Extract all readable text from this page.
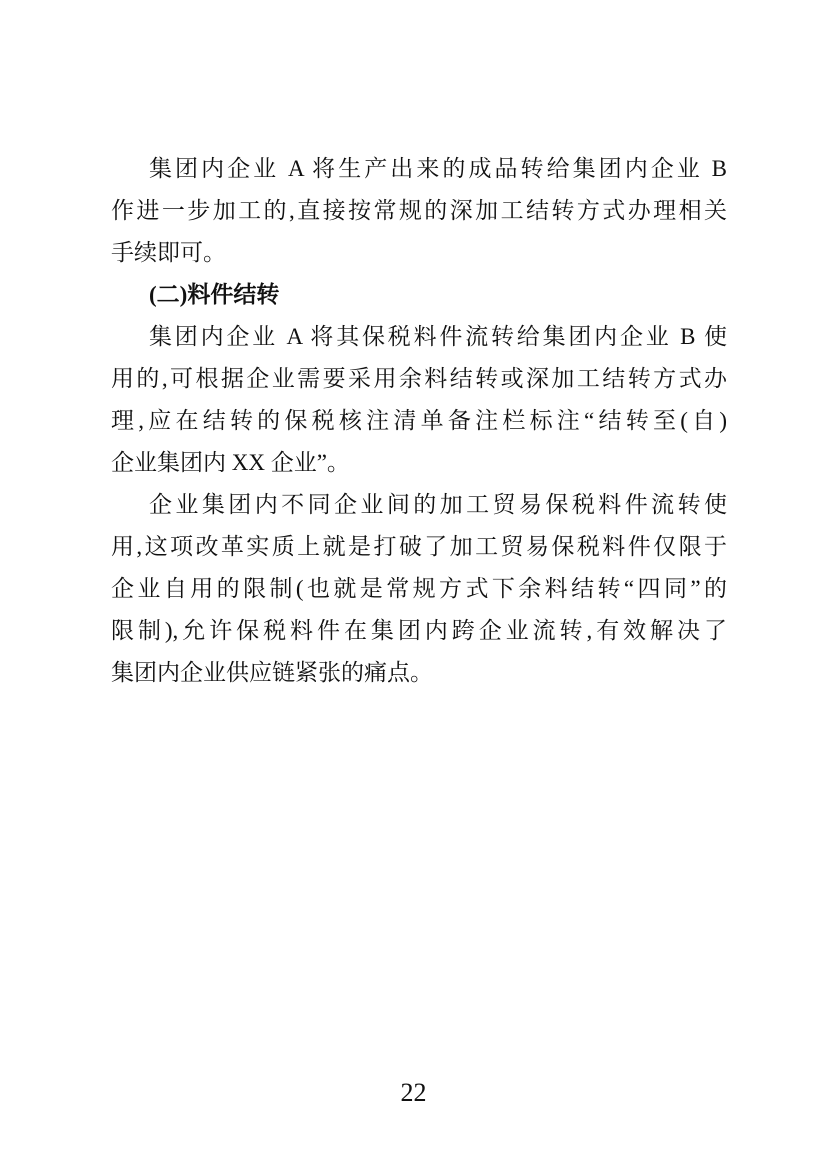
集团内企业 A 将生产出来的成品转给集团内企业 B
作进一步加工的,直接按常规的深加工结转方式办理相关
手续即可。
(二)料件结转
集团内企业 A 将其保税料件流转给集团内企业 B 使
用的,可根据企业需要采用余料结转或深加工结转方式办
理,应在结转的保税核注清单备注栏标注“结转至(自)
企业集团内 XX 企业”。
企业集团内不同企业间的加工贸易保税料件流转使
用,这项改革实质上就是打破了加工贸易保税料件仅限于
企业自用的限制(也就是常规方式下余料结转“四同”的
限制),允许保税料件在集团内跨企业流转,有效解决了
集团内企业供应链紧张的痛点。
22
